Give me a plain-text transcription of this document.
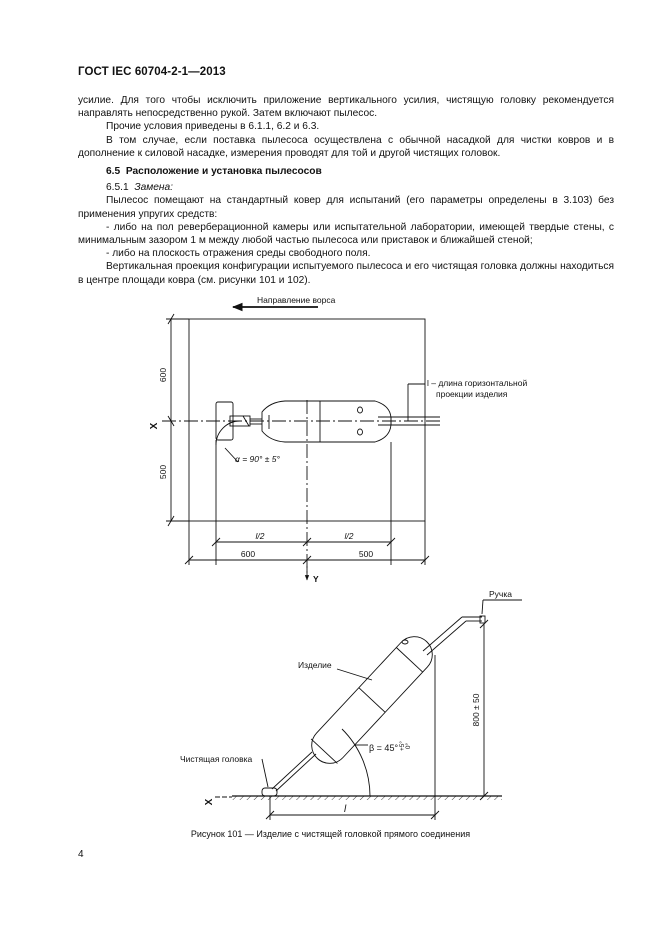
ГОСТ IEC 60704-2-1—2013

усилие. Для того чтобы исключить приложение вертикального усилия, чистящую головку рекомендуется направлять непосредственно рукой. Затем включают пылесос.

Прочие условия приведены в 6.1.1, 6.2 и 6.3.

В том случае, если поставка пылесоса осуществлена с обычной насадкой для чистки ковров и в дополнение к силовой насадке, измерения проводят для той и другой чистящих головок.

6.5 Расположение и установка пылесосов

6.5.1 Замена:

Пылесос помещают на стандартный ковер для испытаний (его параметры определены в 3.103) без применения упругих средств:

- либо на пол реверберационной камеры или испытательной лаборатории, имеющей твердые стены, с минимальным зазором 1 м между любой частью пылесоса или приставок и ближайшей стеной;

- либо на плоскость отражения среды свободного поля.

Вертикальная проекция конфигурации испытуемого пылесоса и его чистящая головка должны находиться в центре площади ковра (см. рисунки 101 и 102).

Направление ворса
600
500
X
Y
α = 90° ± 5°
l – длина горизонтальной
проекции изделия
l/2	l/2
600	500
Ручка
Изделие
Чистящая головка
800 ± 50
β = 45° +5° 0°
X
l
Рисунок 101 — Изделие с чистящей головкой прямого соединения
4
